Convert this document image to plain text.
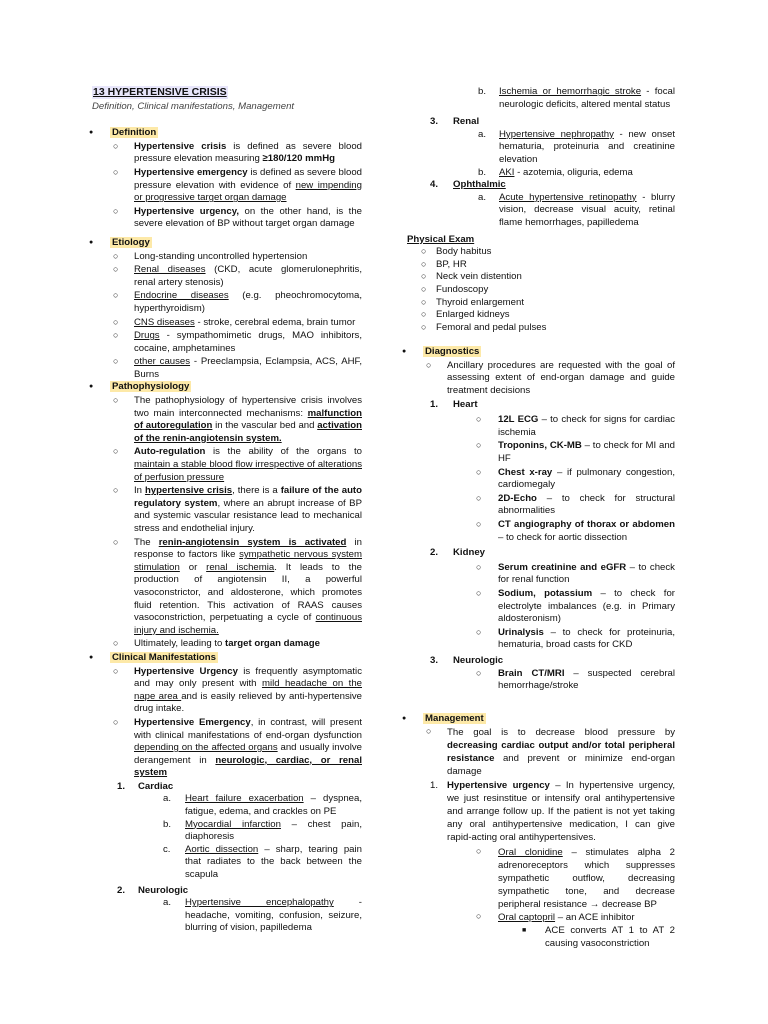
13 HYPERTENSIVE CRISIS
Definition, Clinical manifestations, Management
● Definition
○ Hypertensive crisis is defined as severe blood pressure elevation measuring ≥180/120 mmHg
○ Hypertensive emergency is defined as severe blood pressure elevation with evidence of new impending or progressive target organ damage
○ Hypertensive urgency, on the other hand, is the severe elevation of BP without target organ damage
● Etiology
○ Long-standing uncontrolled hypertension
○ Renal diseases (CKD, acute glomerulonephritis, renal artery stenosis)
○ Endocrine diseases (e.g. pheochromocytoma, hyperthyroidism)
○ CNS diseases - stroke, cerebral edema, brain tumor
○ Drugs - sympathomimetic drugs, MAO inhibitors, cocaine, amphetamines
○ other causes - Preeclampsia, Eclampsia, ACS, AHF, Burns
● Pathophysiology
○ The pathophysiology of hypertensive crisis involves two main interconnected mechanisms: malfunction of autoregulation in the vascular bed and activation of the renin-angiotensin system.
○ Auto-regulation is the ability of the organs to maintain a stable blood flow irrespective of alterations of perfusion pressure
○ In hypertensive crisis, there is a failure of the auto regulatory system, where an abrupt increase of BP and systemic vascular resistance lead to mechanical stress and endothelial injury.
○ The renin-angiotensin system is activated in response to factors like sympathetic nervous system stimulation or renal ischemia. It leads to the production of angiotensin II, a powerful vasoconstrictor, and aldosterone, which promotes fluid retention. This activation of RAAS causes vasoconstriction, perpetuating a cycle of continuous injury and ischemia.
○ Ultimately, leading to target organ damage
● Clinical Manifestations
○ Hypertensive Urgency is frequently asymptomatic and may only present with mild headache on the nape area and is easily relieved by anti-hypertensive drug intake.
○ Hypertensive Emergency, in contrast, will present with clinical manifestations of end-organ dysfunction depending on the affected organs and usually involve derangement in neurologic, cardiac, or renal system
1. Cardiac
a. Heart failure exacerbation – dyspnea, fatigue, edema, and crackles on PE
b. Myocardial infarction – chest pain, diaphoresis
c. Aortic dissection – sharp, tearing pain that radiates to the back between the scapula
2. Neurologic
a. Hypertensive encephalopathy - headache, vomiting, confusion, seizure, blurring of vision, papilledema
b. Ischemia or hemorrhagic stroke - focal neurologic deficits, altered mental status
3. Renal
a. Hypertensive nephropathy - new onset hematuria, proteinuria and creatinine elevation
b. AKI - azotemia, oliguria, edema
4. Ophthalmic
a. Acute hypertensive retinopathy - blurry vision, decrease visual acuity, retinal flame hemorrhages, papilledema
Physical Exam
○ Body habitus
○ BP, HR
○ Neck vein distention
○ Fundoscopy
○ Thyroid enlargement
○ Enlarged kidneys
○ Femoral and pedal pulses
● Diagnostics
○ Ancillary procedures are requested with the goal of assessing extent of end-organ damage and guide treatment decisions
1. Heart
○ 12L ECG – to check for signs for cardiac ischemia
○ Troponins, CK-MB – to check for MI and HF
○ Chest x-ray – if pulmonary congestion, cardiomegaly
○ 2D-Echo – to check for structural abnormalities
○ CT angiography of thorax or abdomen – to check for aortic dissection
2. Kidney
○ Serum creatinine and eGFR – to check for renal function
○ Sodium, potassium – to check for electrolyte imbalances (e.g. in Primary aldosteronism)
○ Urinalysis – to check for proteinuria, hematuria, broad casts for CKD
3. Neurologic
○ Brain CT/MRI – suspected cerebral hemorrhage/stroke
● Management
○ The goal is to decrease blood pressure by decreasing cardiac output and/or total peripheral resistance and prevent or minimize end-organ damage
1. Hypertensive urgency – In hypertensive urgency, we just resinstitue or intensify oral antihypertensive and arrange follow up. If the patient is not yet taking any oral antihypertensive medication, I can give rapid-acting oral antihypertensives.
○ Oral clonidine – stimulates alpha 2 adrenoreceptors which suppresses sympathetic outflow, decreasing sympathetic tone, and decrease peripheral resistance → decrease BP
○ Oral captopril – an ACE inhibitor
■ ACE converts AT 1 to AT 2 causing vasoconstriction
